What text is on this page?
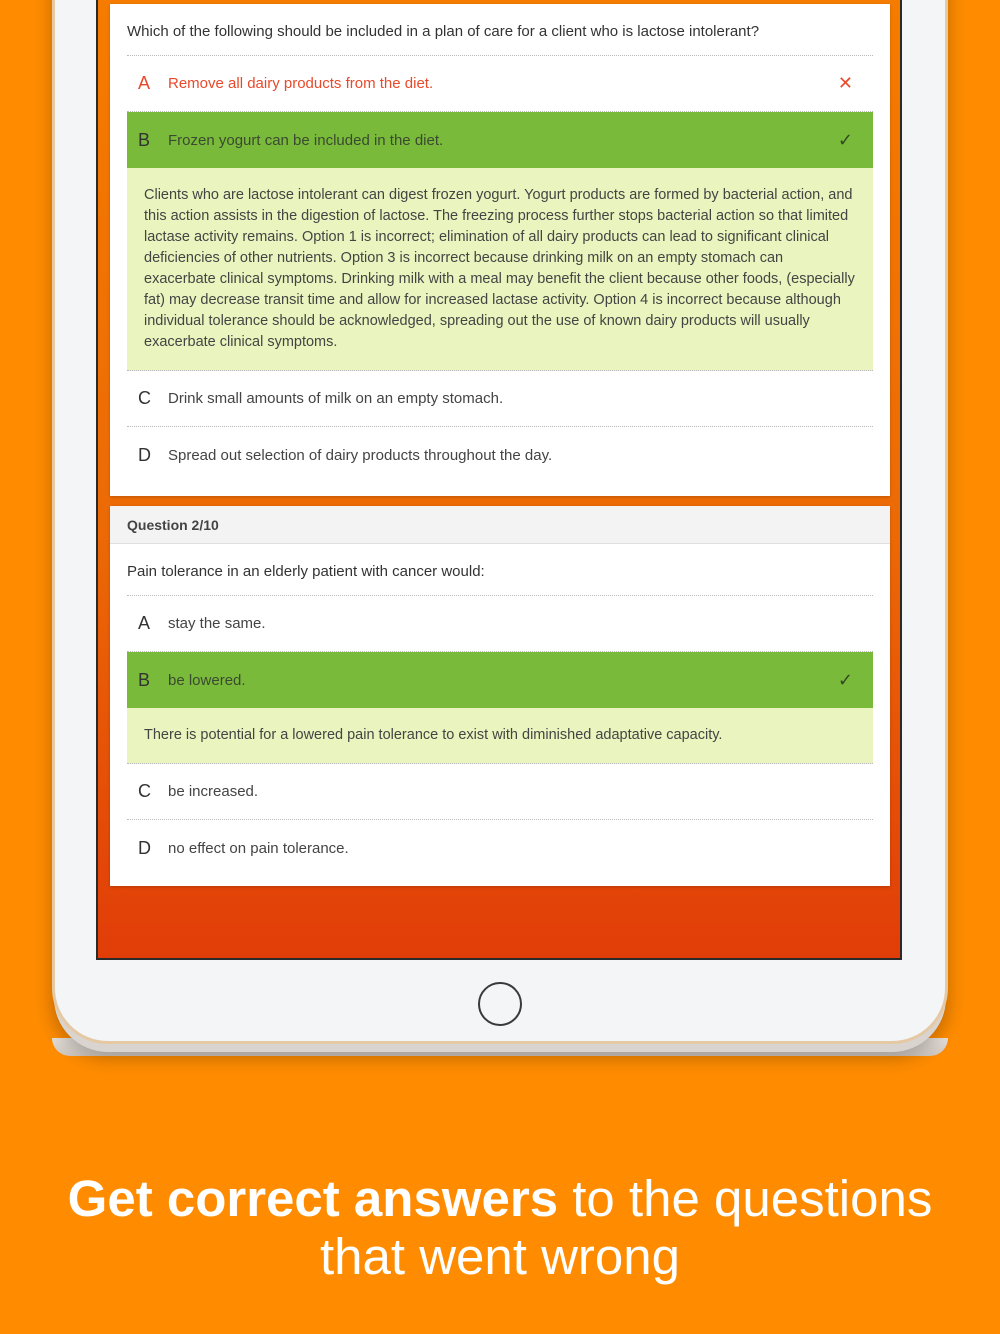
Which of the following should be included in a plan of care for a client who is lactose intolerant?
A	Remove all dairy products from the diet.	✕
B	Frozen yogurt can be included in the diet.	✓
Clients who are lactose intolerant can digest frozen yogurt. Yogurt products are formed by bacterial action, and this action assists in the digestion of lactose. The freezing process further stops bacterial action so that limited lactase activity remains. Option 1 is incorrect; elimination of all dairy products can lead to significant clinical deficiencies of other nutrients. Option 3 is incorrect because drinking milk on an empty stomach can exacerbate clinical symptoms. Drinking milk with a meal may benefit the client because other foods, (especially fat) may decrease transit time and allow for increased lactase activity. Option 4 is incorrect because although individual tolerance should be acknowledged, spreading out the use of known dairy products will usually exacerbate clinical symptoms.
C	Drink small amounts of milk on an empty stomach.
D	Spread out selection of dairy products throughout the day.
Question 2/10
Pain tolerance in an elderly patient with cancer would:
A	stay the same.
B	be lowered.	✓
There is potential for a lowered pain tolerance to exist with diminished adaptative capacity.
C	be increased.
D	no effect on pain tolerance.
Get correct answers to the questions
that went wrong
